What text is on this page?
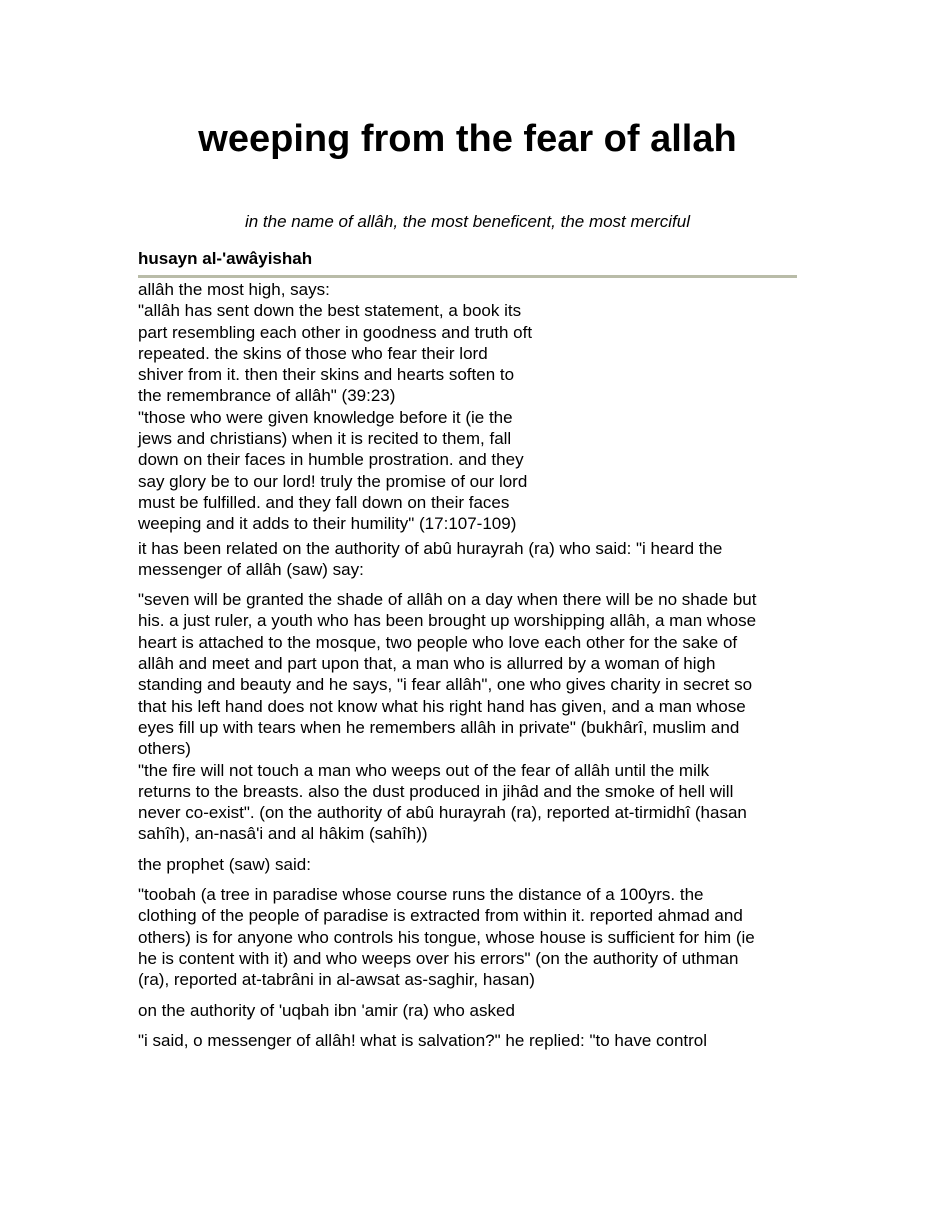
weeping from the fear of allah

in the name of allâh, the most beneficent, the most merciful

husayn al-'awâyishah

allâh the most high, says:

"allâh has sent down the best statement, a book its part resembling each other in goodness and truth oft repeated. the skins of those who fear their lord shiver from it. then their skins and hearts soften to the remembrance of allâh" (39:23)

"those who were given knowledge before it (ie the jews and christians) when it is recited to them, fall down on their faces in humble prostration. and they say glory be to our lord! truly the promise of our lord must be fulfilled. and they fall down on their faces weeping and it adds to their humility" (17:107-109)

it has been related on the authority of abû hurayrah (ra) who said: "i heard the messenger of allâh (saw) say:

"seven will be granted the shade of allâh on a day when there will be no shade but his. a just ruler, a youth who has been brought up worshipping allâh, a man whose heart is attached to the mosque, two people who love each other for the sake of allâh and meet and part upon that, a man who is allurred by a woman of high standing and beauty and he says, "i fear allâh", one who gives charity in secret so that his left hand does not know what his right hand has given, and a man whose eyes fill up with tears when he remembers allâh in private" (bukhârî, muslim and others)

"the fire will not touch a man who weeps out of the fear of allâh until the milk returns to the breasts. also the dust produced in jihâd and the smoke of hell will never co-exist". (on the authority of abû hurayrah (ra), reported at-tirmidhî (hasan sahîh), an-nasâ'i and al hâkim (sahîh))

the prophet (saw) said:

"toobah (a tree in paradise whose course runs the distance of a 100yrs. the clothing of the people of paradise is extracted from within it. reported ahmad and others) is for anyone who controls his tongue, whose house is sufficient for him (ie he is content with it) and who weeps over his errors" (on the authority of uthman (ra), reported at-tabrâni in al-awsat as-saghir, hasan)

on the authority of 'uqbah ibn 'amir (ra) who asked

"i said, o messenger of allâh! what is salvation?" he replied: "to have control
